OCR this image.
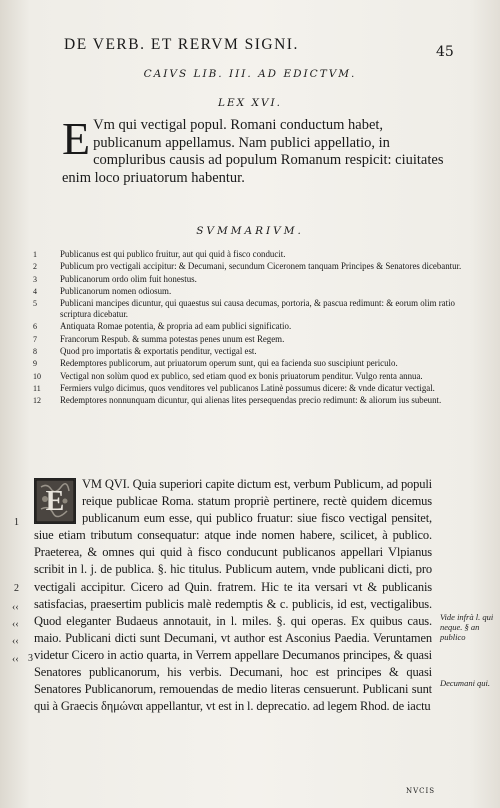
DE VERB. ET RERVM SIGNI.	45
CAIVS LIB. III. AD EDICTVM.
LEX XVI.
E Vm qui vectigal popul. Romani conductum habet, publicanum appellamus. Nam publici appellatio, in compluribus causis ad populum Romanum respicit: ciuitates enim loco priuatorum habentur.

SVMMARIVM.
1	Publicanus est qui publico fruitur, aut qui quid à fisco conducit.
2	Publicum pro vectigali accipitur: & Decumani, secundum Ciceronem tanquam Principes & Senatores dicebantur.
3	Publicanorum ordo olim fuit honestus.
4	Publicanorum nomen odiosum.
5	Publicani mancipes dicuntur, qui quaestus sui causa decumas, portoria, & pascua redimunt: & eorum olim ratio scriptura dicebatur.
6	Antiquata Romae potentia, & propria ad eam publici significatio.
7	Francorum Respub. & summa potestas penes unum est Regem.
8	Quod pro importatis & exportatis penditur, vectigal est.
9	Redemptores publicorum, aut priuatorum operum sunt, qui ea facienda suo suscipiunt periculo.
10 Vectigal non solùm quod ex publico, sed etiam quod ex bonis priuatorum penditur. Vulgo renta annua.
11 Fermiers vulgo dicimus, quos venditores vel publicanos Latinè possumus dicere: & vnde dicatur vectigal.
12 Redemptores nonnunquam dicuntur, qui alienas lites persequendas precio redimunt: & aliorum ius subeunt.
E

VM QVI. Quia superiori capite dictum est, verbum Publicum, ad populi reique publicae Roma. statum propriè pertinere, rectè quidem dicemus publicanum eum esse, qui publico fruatur: siue fisco vectigal pensitet, siue etiam tributum consequatur: atque inde nomen habere, scilicet, à publico. Praeterea, & omnes qui quid à fisco conducunt publicanos appellari Vlpianus scribit in l. j. de publica. §. hic titulus. Publicum autem, vnde publicani dicti, pro vectigali accipitur. Cicero ad Quin. fratrem. Hic te ita versari vt & publicanis satisfacias, praesertim publicis malè redemptis & c. publicis, id est, vectigalibus. Quod eleganter Budaeus annotauit, in l. miles. §. qui operas. Ex quibus caus. maio. Publicani dicti sunt Decumani, vt author est Asconius Paedia. Veruntamen videtur Cicero in actio quarta, in Verrem appellare Decumanos principes, & quasi Senatores publicanorum, his verbis. Decumani, hoc est principes & quasi Senatores Publicanorum, remouendas de medio literas censuerunt. Publicani sunt qui à Graecis δημώναι appellantur, vt est in l. deprecatio. ad legem Rhod. de iactu

1
2
‹‹
‹‹
‹‹
‹‹ 3
Vide infrà l. qui neque. § an publico
Decumani qui.
NVCIS
